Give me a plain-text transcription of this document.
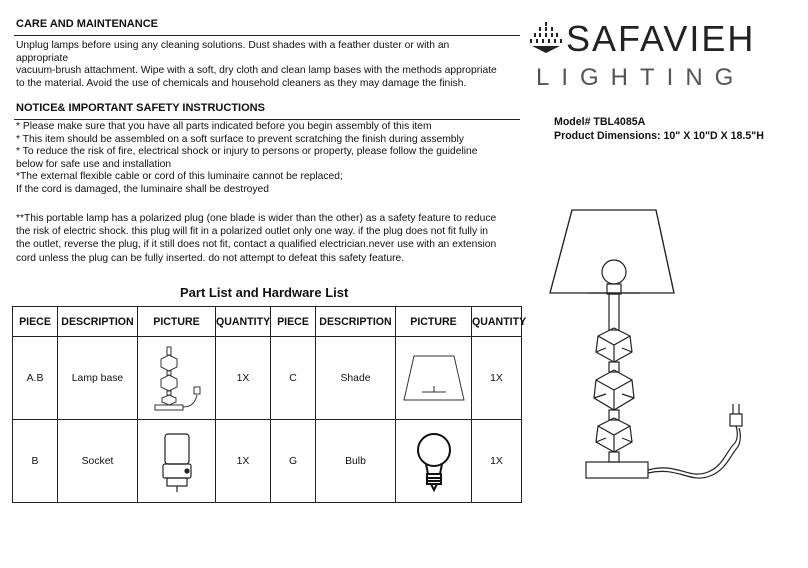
CARE AND MAINTENANCE
Unplug lamps before using any cleaning solutions. Dust shades with a feather duster or with an
appropriate
vacuum-brush attachment. Wipe with a soft, dry cloth and clean lamp bases with the methods appropriate
to the material. Avoid the use of chemicals and household cleaners as they may damage the finish.
NOTICE& IMPORTANT SAFETY INSTRUCTIONS
* Please make sure that you have all parts indicated before you begin assembly of this item
* This item should be assembled on a soft surface to prevent scratching the finish during assembly
* To reduce the risk of fire, electrical shock or injury to persons or property, please follow the guideline
below for safe use and installation
*The external flexible cable or cord of this luminaire cannot be replaced;
If the cord is damaged, the luminaire shall be destroyed
**This portable lamp has a polarized plug (one blade is wider than the other) as a safety feature to reduce
the risk of electric shock. this plug will fit in a polarized outlet only one way. if the plug does not fit fully in
the outlet, reverse the plug, if it still does not fit, contact a qualified electrician.never use with an extension
cord unless the plug can be fully inserted. do not attempt to defeat this safety feature.
SAFAVIEH
LIGHTING
Model# TBL4085A
Product Dimensions: 10" X 10"D X 18.5"H
Part List and Hardware List
PIECE	DESCRIPTION	PICTURE	QUANTITY	PIECE	DESCRIPTION	PICTURE	QUANTITY
A.B	Lamp base		1X	C	Shade		1X
B	Socket		1X	G	Bulb		1X
